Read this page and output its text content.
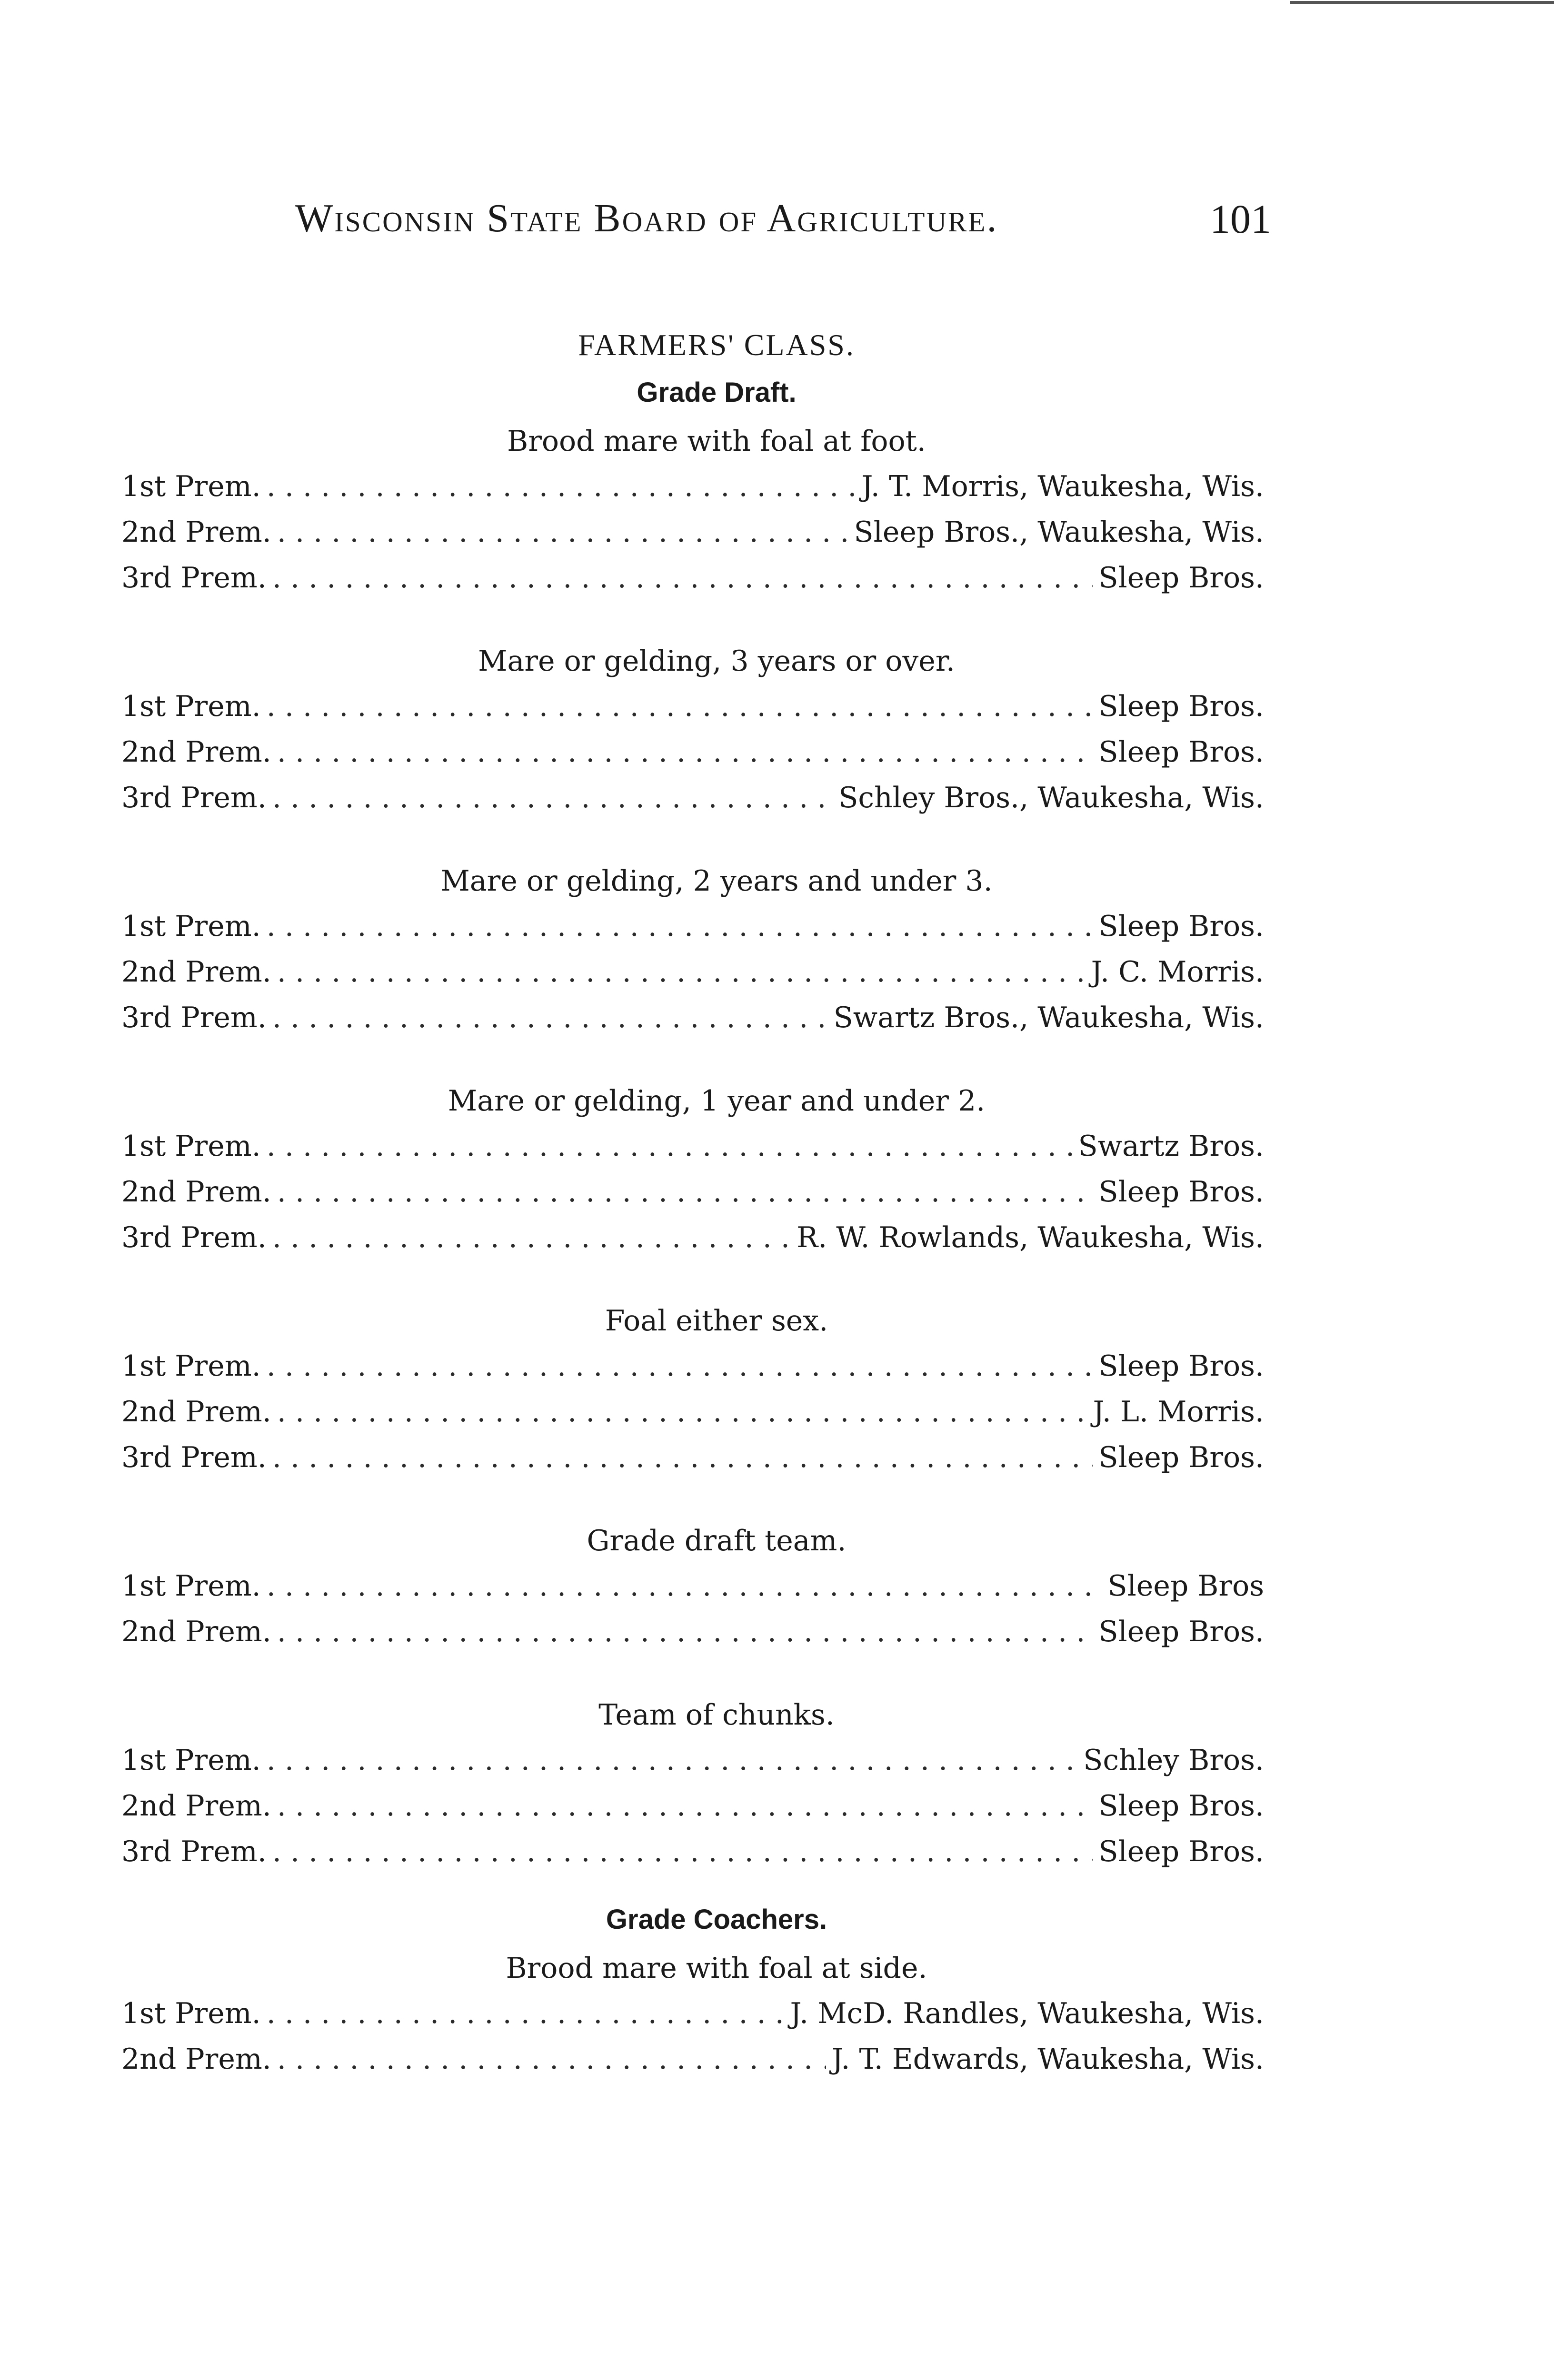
Wisconsin State Board of Agriculture.	101
FARMERS' CLASS.
Grade Draft.
Brood mare with foal at foot.
1st Prem. . . .	J. T. Morris, Waukesha, Wis.
2nd Prem. . . .	Sleep Bros., Waukesha, Wis.
3rd Prem. . . .	Sleep Bros.
Mare or gelding, 3 years or over.
1st Prem. . . .	Sleep Bros.
2nd Prem. . . .	Sleep Bros.
3rd Prem. . . .	Schley Bros., Waukesha, Wis.
Mare or gelding, 2 years and under 3.
1st Prem. . . .	Sleep Bros.
2nd Prem. . . .	J. C. Morris.
3rd Prem. . . .	Swartz Bros., Waukesha, Wis.
Mare or gelding, 1 year and under 2.
1st Prem. . . .	Swartz Bros.
2nd Prem. . . .	Sleep Bros.
3rd Prem. . . .	R. W. Rowlands, Waukesha, Wis.
Foal either sex.
1st Prem. . . .	Sleep Bros.
2nd Prem. . . .	J. L. Morris.
3rd Prem. . . .	Sleep Bros.
Grade draft team.
1st Prem. . . .	Sleep Bros
2nd Prem. . . .	Sleep Bros.
Team of chunks.
1st Prem. . . .	Schley Bros.
2nd Prem. . . .	Sleep Bros.
3rd Prem. . . .	Sleep Bros.
Grade Coachers.
Brood mare with foal at side.
1st Prem. . . .	J. McD. Randles, Waukesha, Wis.
2nd Prem. . . .	J. T. Edwards, Waukesha, Wis.
